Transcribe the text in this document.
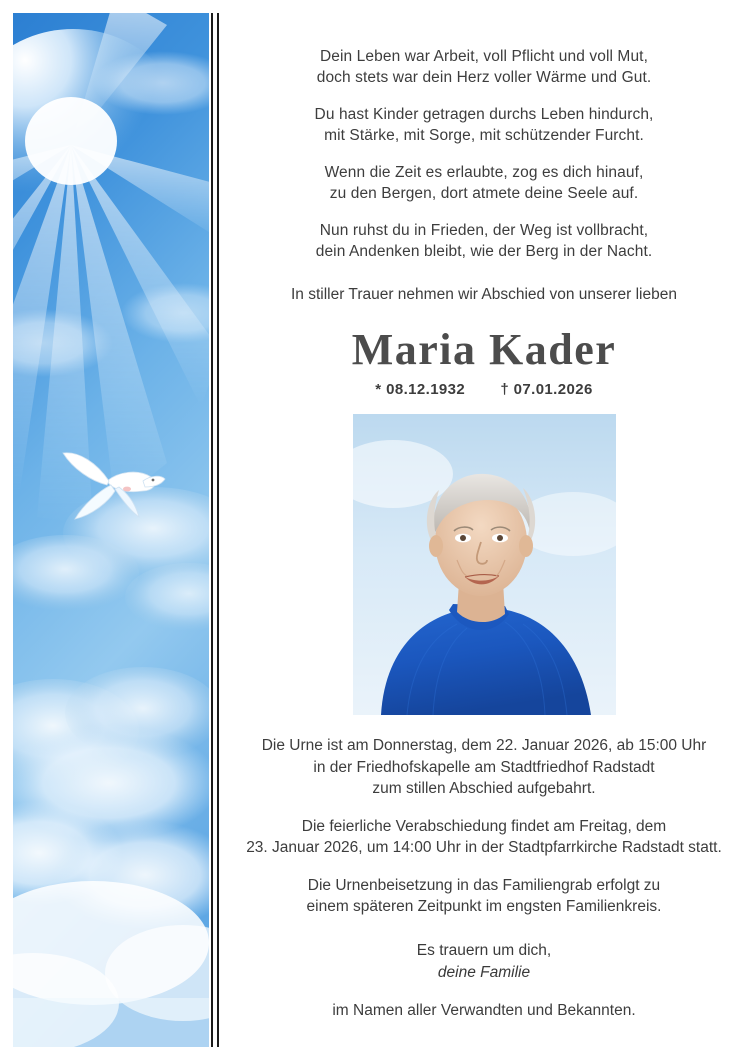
Dein Leben war Arbeit, voll Pflicht und voll Mut,
doch stets war dein Herz voller Wärme und Gut.
Du hast Kinder getragen durchs Leben hindurch,
mit Stärke, mit Sorge, mit schützender Furcht.
Wenn die Zeit es erlaubte, zog es dich hinauf,
zu den Bergen, dort atmete deine Seele auf.
Nun ruhst du in Frieden, der Weg ist vollbracht,
dein Andenken bleibt, wie der Berg in der Nacht.
In stiller Trauer nehmen wir Abschied von unserer lieben
Maria Kader
* 08.12.1932 † 07.01.2026
Die Urne ist am Donnerstag, dem 22. Januar 2026, ab 15:00 Uhr
in der Friedhofskapelle am Stadtfriedhof Radstadt
zum stillen Abschied aufgebahrt.
Die feierliche Verabschiedung findet am Freitag, dem
23. Januar 2026, um 14:00 Uhr in der Stadtpfarrkirche Radstadt statt.
Die Urnenbeisetzung in das Familiengrab erfolgt zu
einem späteren Zeitpunkt im engsten Familienkreis.
Es trauern um dich,
deine Familie
im Namen aller Verwandten und Bekannten.
